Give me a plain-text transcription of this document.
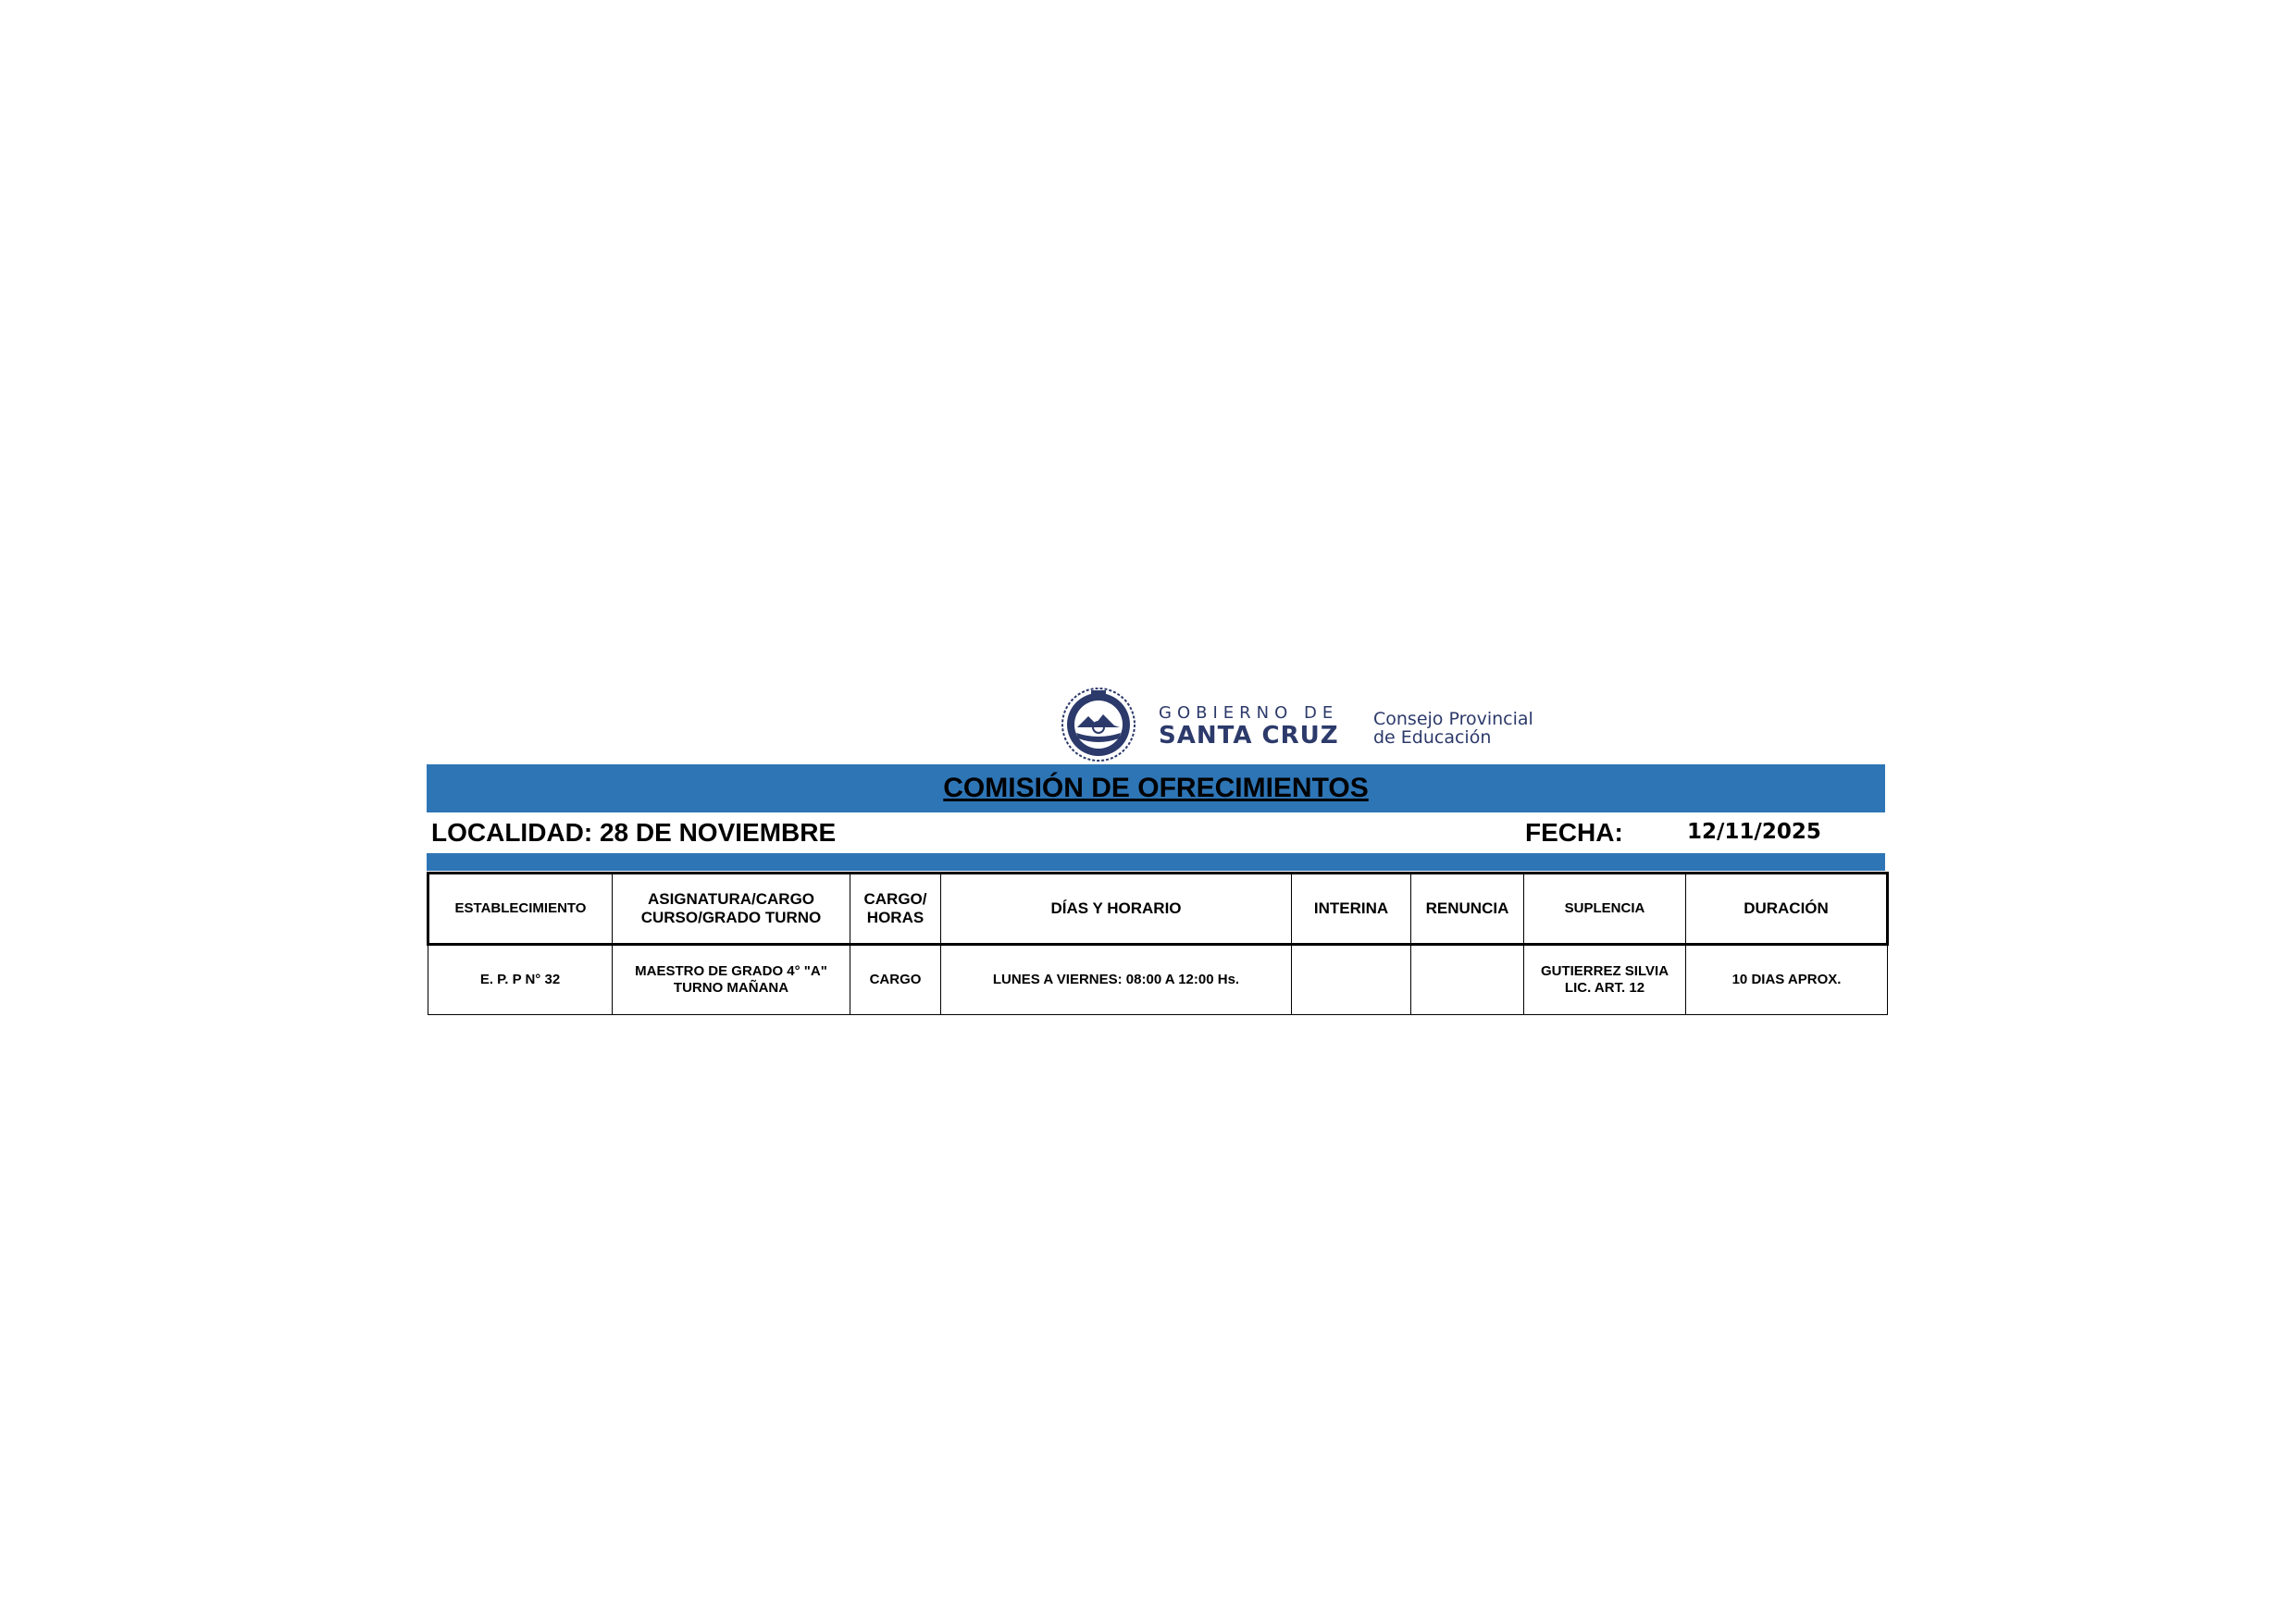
GOBIERNO DE
SANTA CRUZ
Consejo Provincial
de Educación
COMISIÓN DE OFRECIMIENTOS
LOCALIDAD: 28 DE NOVIEMBRE	FECHA:	12/11/2025
ESTABLECIMIENTO	ASIGNATURA/CARGO CURSO/GRADO TURNO	CARGO/ HORAS	DÍAS Y HORARIO	INTERINA	RENUNCIA	SUPLENCIA	DURACIÓN
E. P. P N° 32	MAESTRO DE GRADO 4° "A" TURNO MAÑANA	CARGO	LUNES A VIERNES: 08:00 A 12:00 Hs.			GUTIERREZ SILVIA LIC. ART. 12	10 DIAS APROX.
